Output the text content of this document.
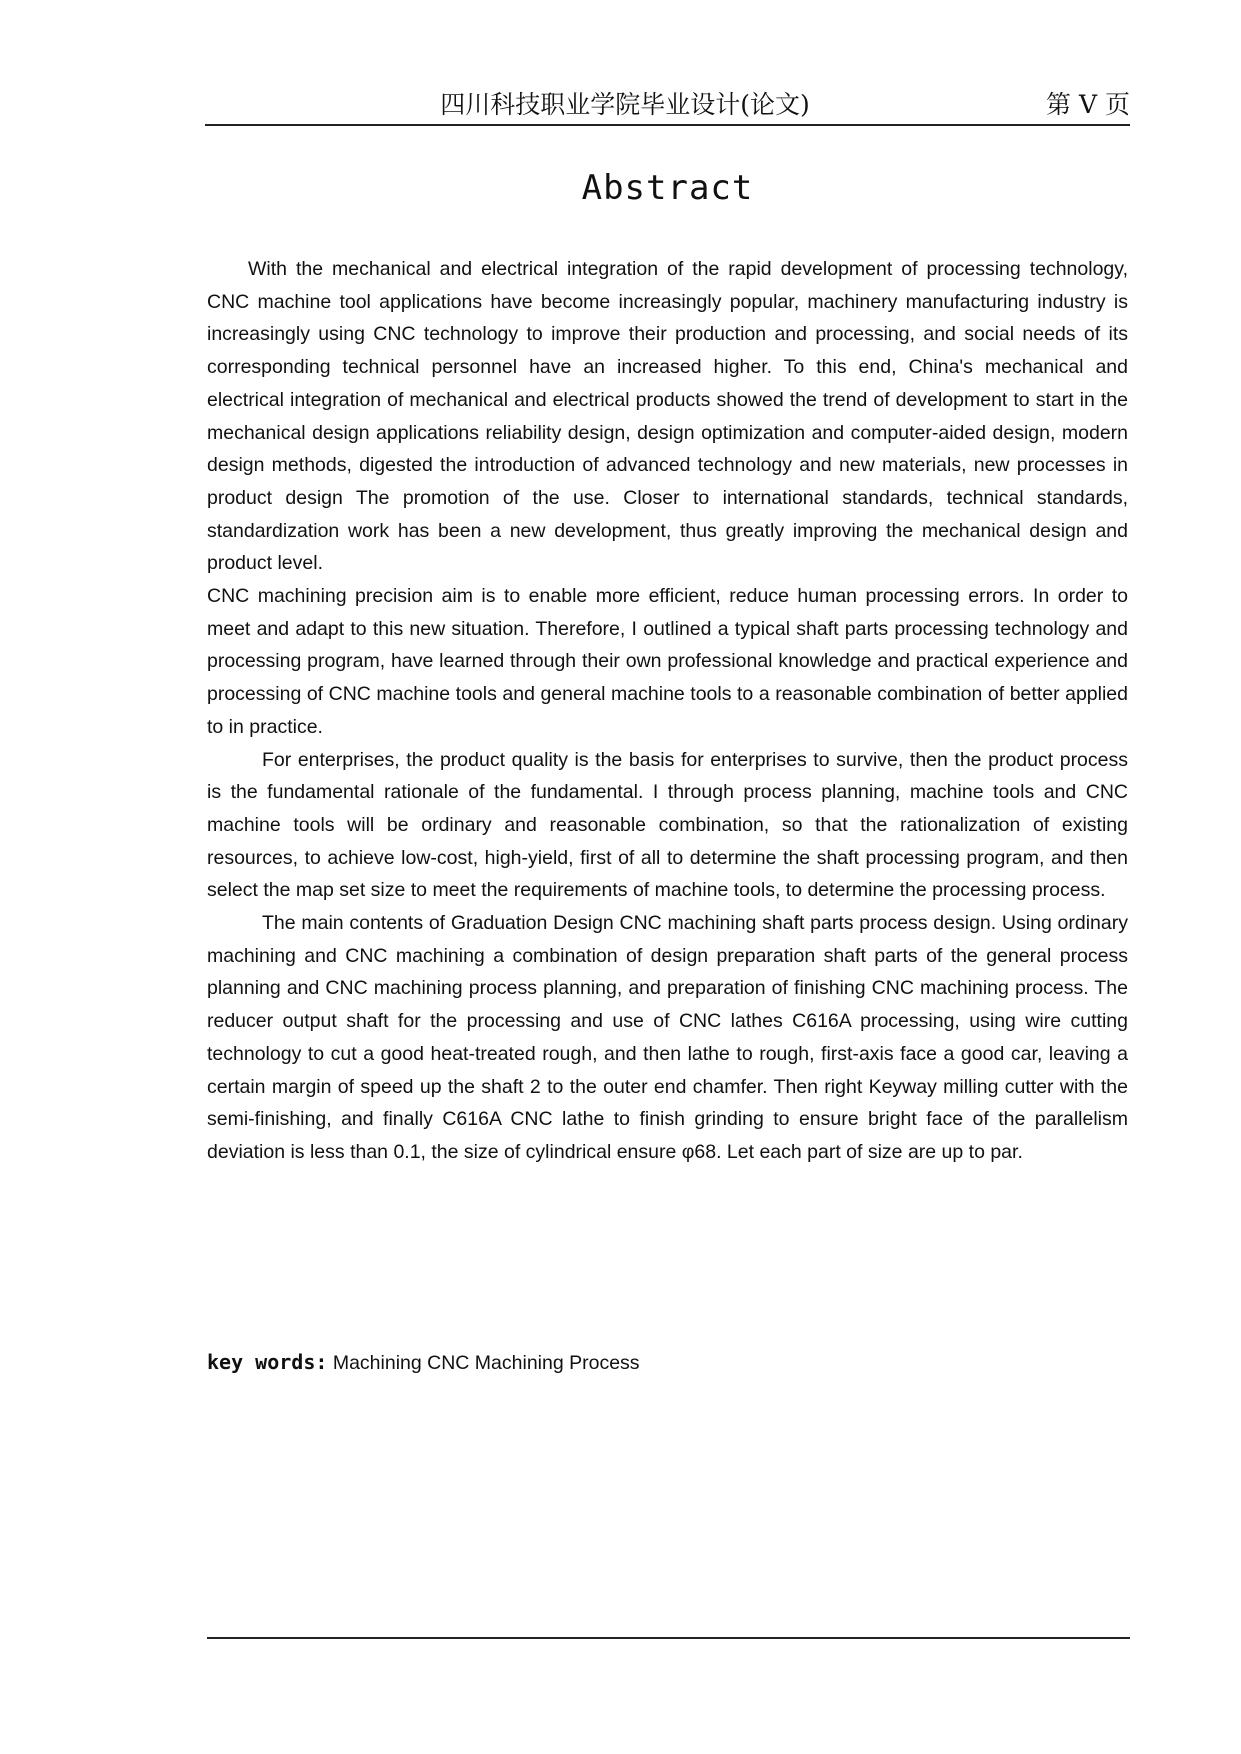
四川科技职业学院毕业设计(论文)	第 V 页
Abstract

With the mechanical and electrical integration of the rapid development of processing technology, CNC machine tool applications have become increasingly popular, machinery manufacturing industry is increasingly using CNC technology to improve their production and processing, and social needs of its corresponding technical personnel have an increased higher. To this end, China's mechanical and electrical integration of mechanical and electrical products showed the trend of development to start in the mechanical design applications reliability design, design optimization and computer-aided design, modern design methods, digested the introduction of advanced technology and new materials, new processes in product design The promotion of the use. Closer to international standards, technical standards, standardization work has been a new development, thus greatly improving the mechanical design and product level.

CNC machining precision aim is to enable more efficient, reduce human processing errors. In order to meet and adapt to this new situation. Therefore, I outlined a typical shaft parts processing technology and processing program, have learned through their own professional knowledge and practical experience and processing of CNC machine tools and general machine tools to a reasonable combination of better applied to in practice.

For enterprises, the product quality is the basis for enterprises to survive, then the product process is the fundamental rationale of the fundamental. I through process planning, machine tools and CNC machine tools will be ordinary and reasonable combination, so that the rationalization of existing resources, to achieve low-cost, high-yield, first of all to determine the shaft processing program, and then select the map set size to meet the requirements of machine tools, to determine the processing process.

The main contents of Graduation Design CNC machining shaft parts process design. Using ordinary machining and CNC machining a combination of design preparation shaft parts of the general process planning and CNC machining process planning, and preparation of finishing CNC machining process. The reducer output shaft for the processing and use of CNC lathes C616A processing, using wire cutting technology to cut a good heat-treated rough, and then lathe to rough, first-axis face a good car, leaving a certain margin of speed up the shaft 2 to the outer end chamfer. Then right Keyway milling cutter with the semi-finishing, and finally C616A CNC lathe to finish grinding to ensure bright face of the parallelism deviation is less than 0.1, the size of cylindrical ensure φ68. Let each part of size are up to par.

key words: Machining CNC Machining Process
